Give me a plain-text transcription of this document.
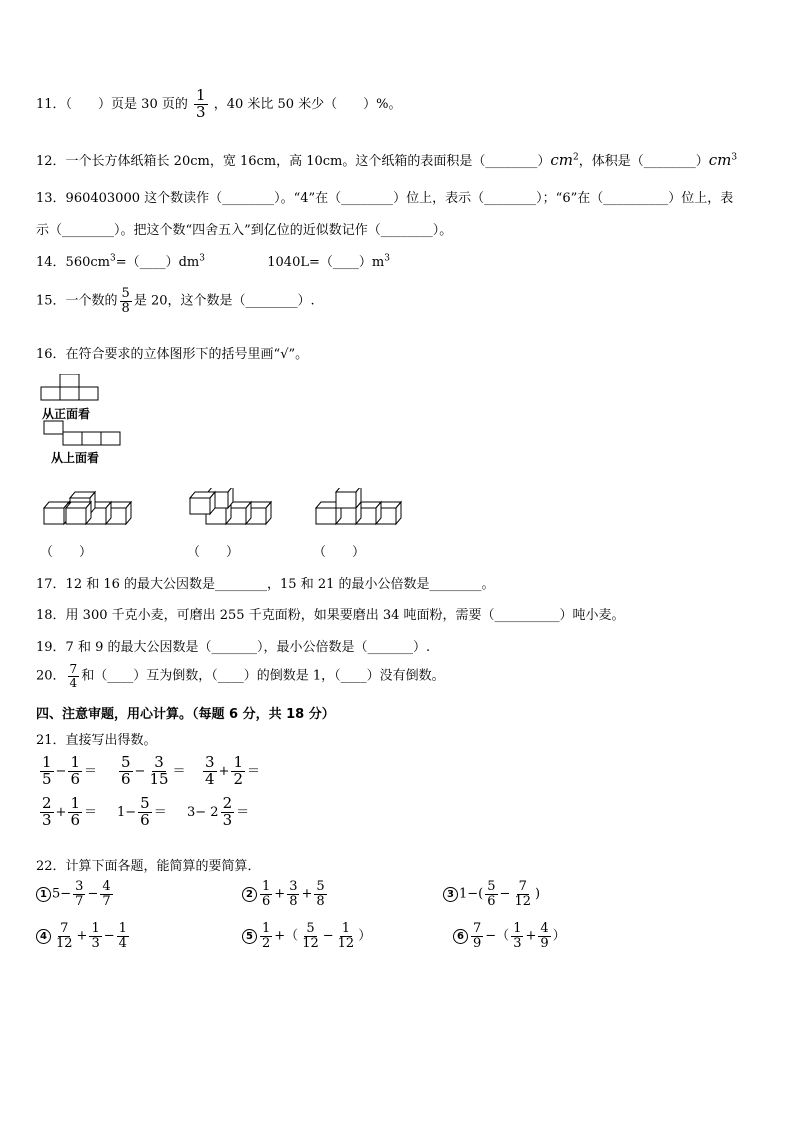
11．（　　）页是 30 页的 $\frac{1}{3}$ ，40 米比 50 米少（　　）%。
12．一个长方体纸箱长 20cm，宽 16cm，高 10cm。这个纸箱的表面积是$(\_\_\_\_\_\_\_\_)cm^2$，体积是$(\_\_\_\_\_\_\_\_)cm^3$
13．960403000 这个数读作（________）。“4”在（________）位上，表示（________）；“6”在（__________）位上，表
示（________）。把这个数“四舍五入”到亿位的近似数记作（________）。
14．$560cm^3=(\_\_\_\_)dm^3$	$1040L=(\_\_\_\_)m^3$
15．一个数的 $\frac{5}{8}$ 是 20，这个数是（________）.
16．在符合要求的立体图形下的括号里画“√”。
从正面看
从上面看
（　　）	（　　）	（　　）
17．12 和 16 的最大公因数是________，15 和 21 的最小公倍数是________。
18．用 300 千克小麦，可磨出 255 千克面粉，如果要磨出 34 吨面粉，需要（__________）吨小麦。
19．7 和 9 的最大公因数是（_______），最小公倍数是（_______）.
20． $\frac{7}{4}$ 和（____）互为倒数，（____）的倒数是 1，（____）没有倒数。
四、注意审题，用心计算。（每题 6 分，共 18 分）
21．直接写出得数。
$\frac{1}{5} - \frac{1}{6} = \frac{5}{6} - \frac{3}{15} = \frac{3}{4} + \frac{1}{2}$ ＝
$\frac{2}{3} + \frac{1}{6} = 1- \frac{5}{6} = 3- 2 \frac{2}{3}$ ＝
22．计算下面各题，能简算的要简算．
1 $5- \frac{3}{7} - \frac{4}{7}$	$2 \frac{1}{6} + \frac{3}{8} + \frac{5}{8}$	3 $1-( \frac{5}{6} - \frac{7}{12}$ )
$4 \frac{7}{12} + \frac{1}{3} - \frac{1}{4}$	$5 \frac{1}{2}$ +（ $\frac{5}{12} - \frac{1}{12}$ ）	$6 \frac{7}{9}$ −（ $\frac{1}{3} + \frac{4}{9}$ ）
